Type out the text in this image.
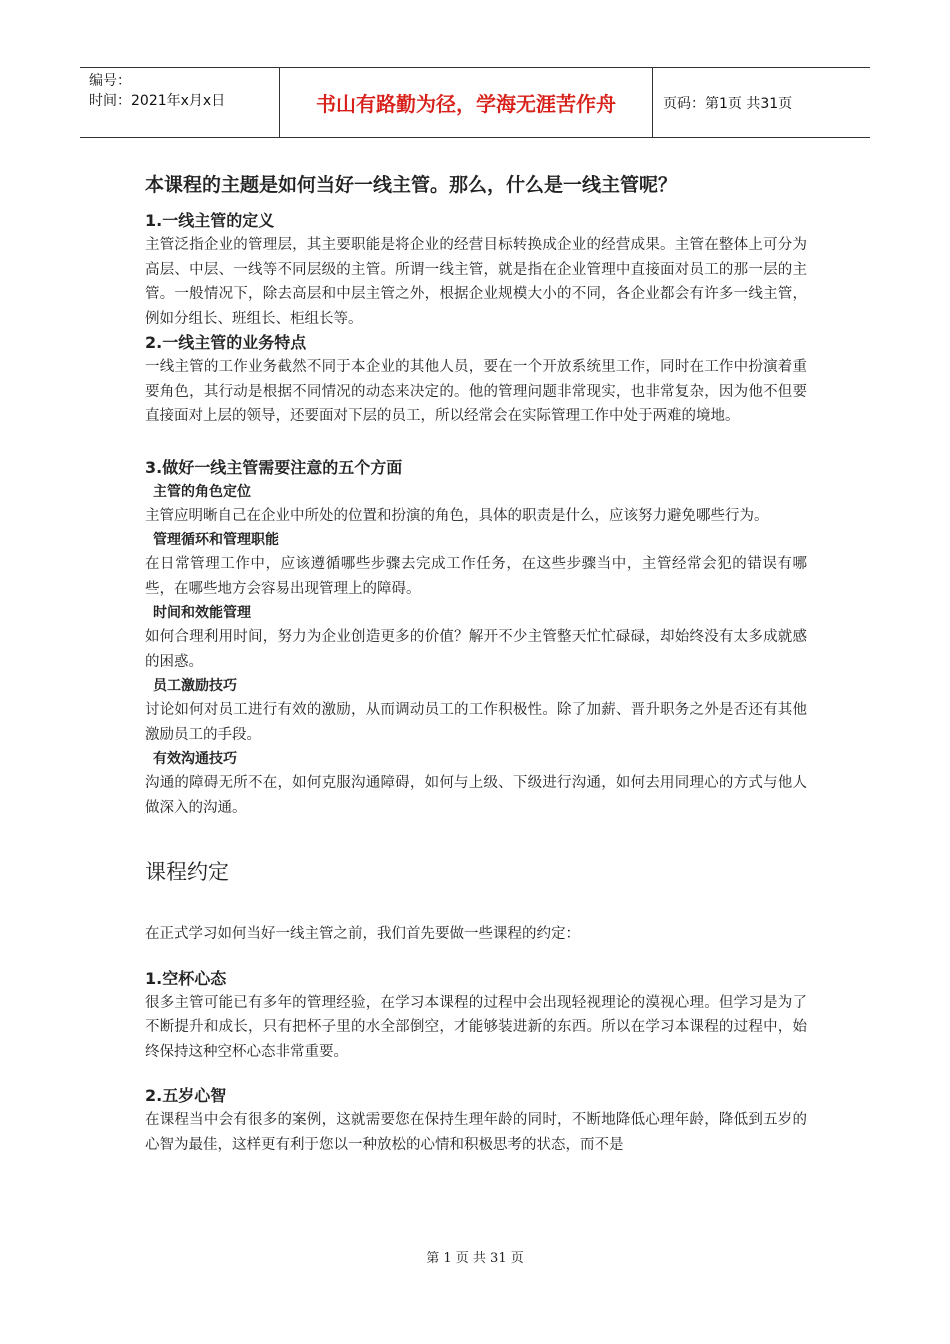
编号：
时间：2021年x月x日	书山有路勤为径，学海无涯苦作舟	页码：第1页 共31页
本课程的主题是如何当好一线主管。那么，什么是一线主管呢？
1.一线主管的定义

主管泛指企业的管理层，其主要职能是将企业的经营目标转换成企业的经营成果。主管在整体上可分为高层、中层、一线等不同层级的主管。所谓一线主管，就是指在企业管理中直接面对员工的那一层的主管。一般情况下，除去高层和中层主管之外，根据企业规模大小的不同，各企业都会有许多一线主管，例如分组长、班组长、柜组长等。

2.一线主管的业务特点

一线主管的工作业务截然不同于本企业的其他人员，要在一个开放系统里工作，同时在工作中扮演着重要角色，其行动是根据不同情况的动态来决定的。他的管理问题非常现实，也非常复杂，因为他不但要直接面对上层的领导，还要面对下层的员工，所以经常会在实际管理工作中处于两难的境地。

3.做好一线主管需要注意的五个方面
主管的角色定位

主管应明晰自己在企业中所处的位置和扮演的角色，具体的职责是什么，应该努力避免哪些行为。

管理循环和管理职能

在日常管理工作中，应该遵循哪些步骤去完成工作任务，在这些步骤当中，主管经常会犯的错误有哪些，在哪些地方会容易出现管理上的障碍。

时间和效能管理

如何合理利用时间，努力为企业创造更多的价值？解开不少主管整天忙忙碌碌，却始终没有太多成就感的困惑。

员工激励技巧

讨论如何对员工进行有效的激励，从而调动员工的工作积极性。除了加薪、晋升职务之外是否还有其他激励员工的手段。

有效沟通技巧

沟通的障碍无所不在，如何克服沟通障碍，如何与上级、下级进行沟通，如何去用同理心的方式与他人做深入的沟通。

课程约定

在正式学习如何当好一线主管之前，我们首先要做一些课程的约定：

1.空杯心态

很多主管可能已有多年的管理经验，在学习本课程的过程中会出现轻视理论的漠视心理。但学习是为了不断提升和成长，只有把杯子里的水全部倒空，才能够装进新的东西。所以在学习本课程的过程中，始终保持这种空杯心态非常重要。

2.五岁心智

在课程当中会有很多的案例，这就需要您在保持生理年龄的同时，不断地降低心理年龄，降低到五岁的心智为最佳，这样更有利于您以一种放松的心情和积极思考的状态，而不是

第 1 页 共 31 页
